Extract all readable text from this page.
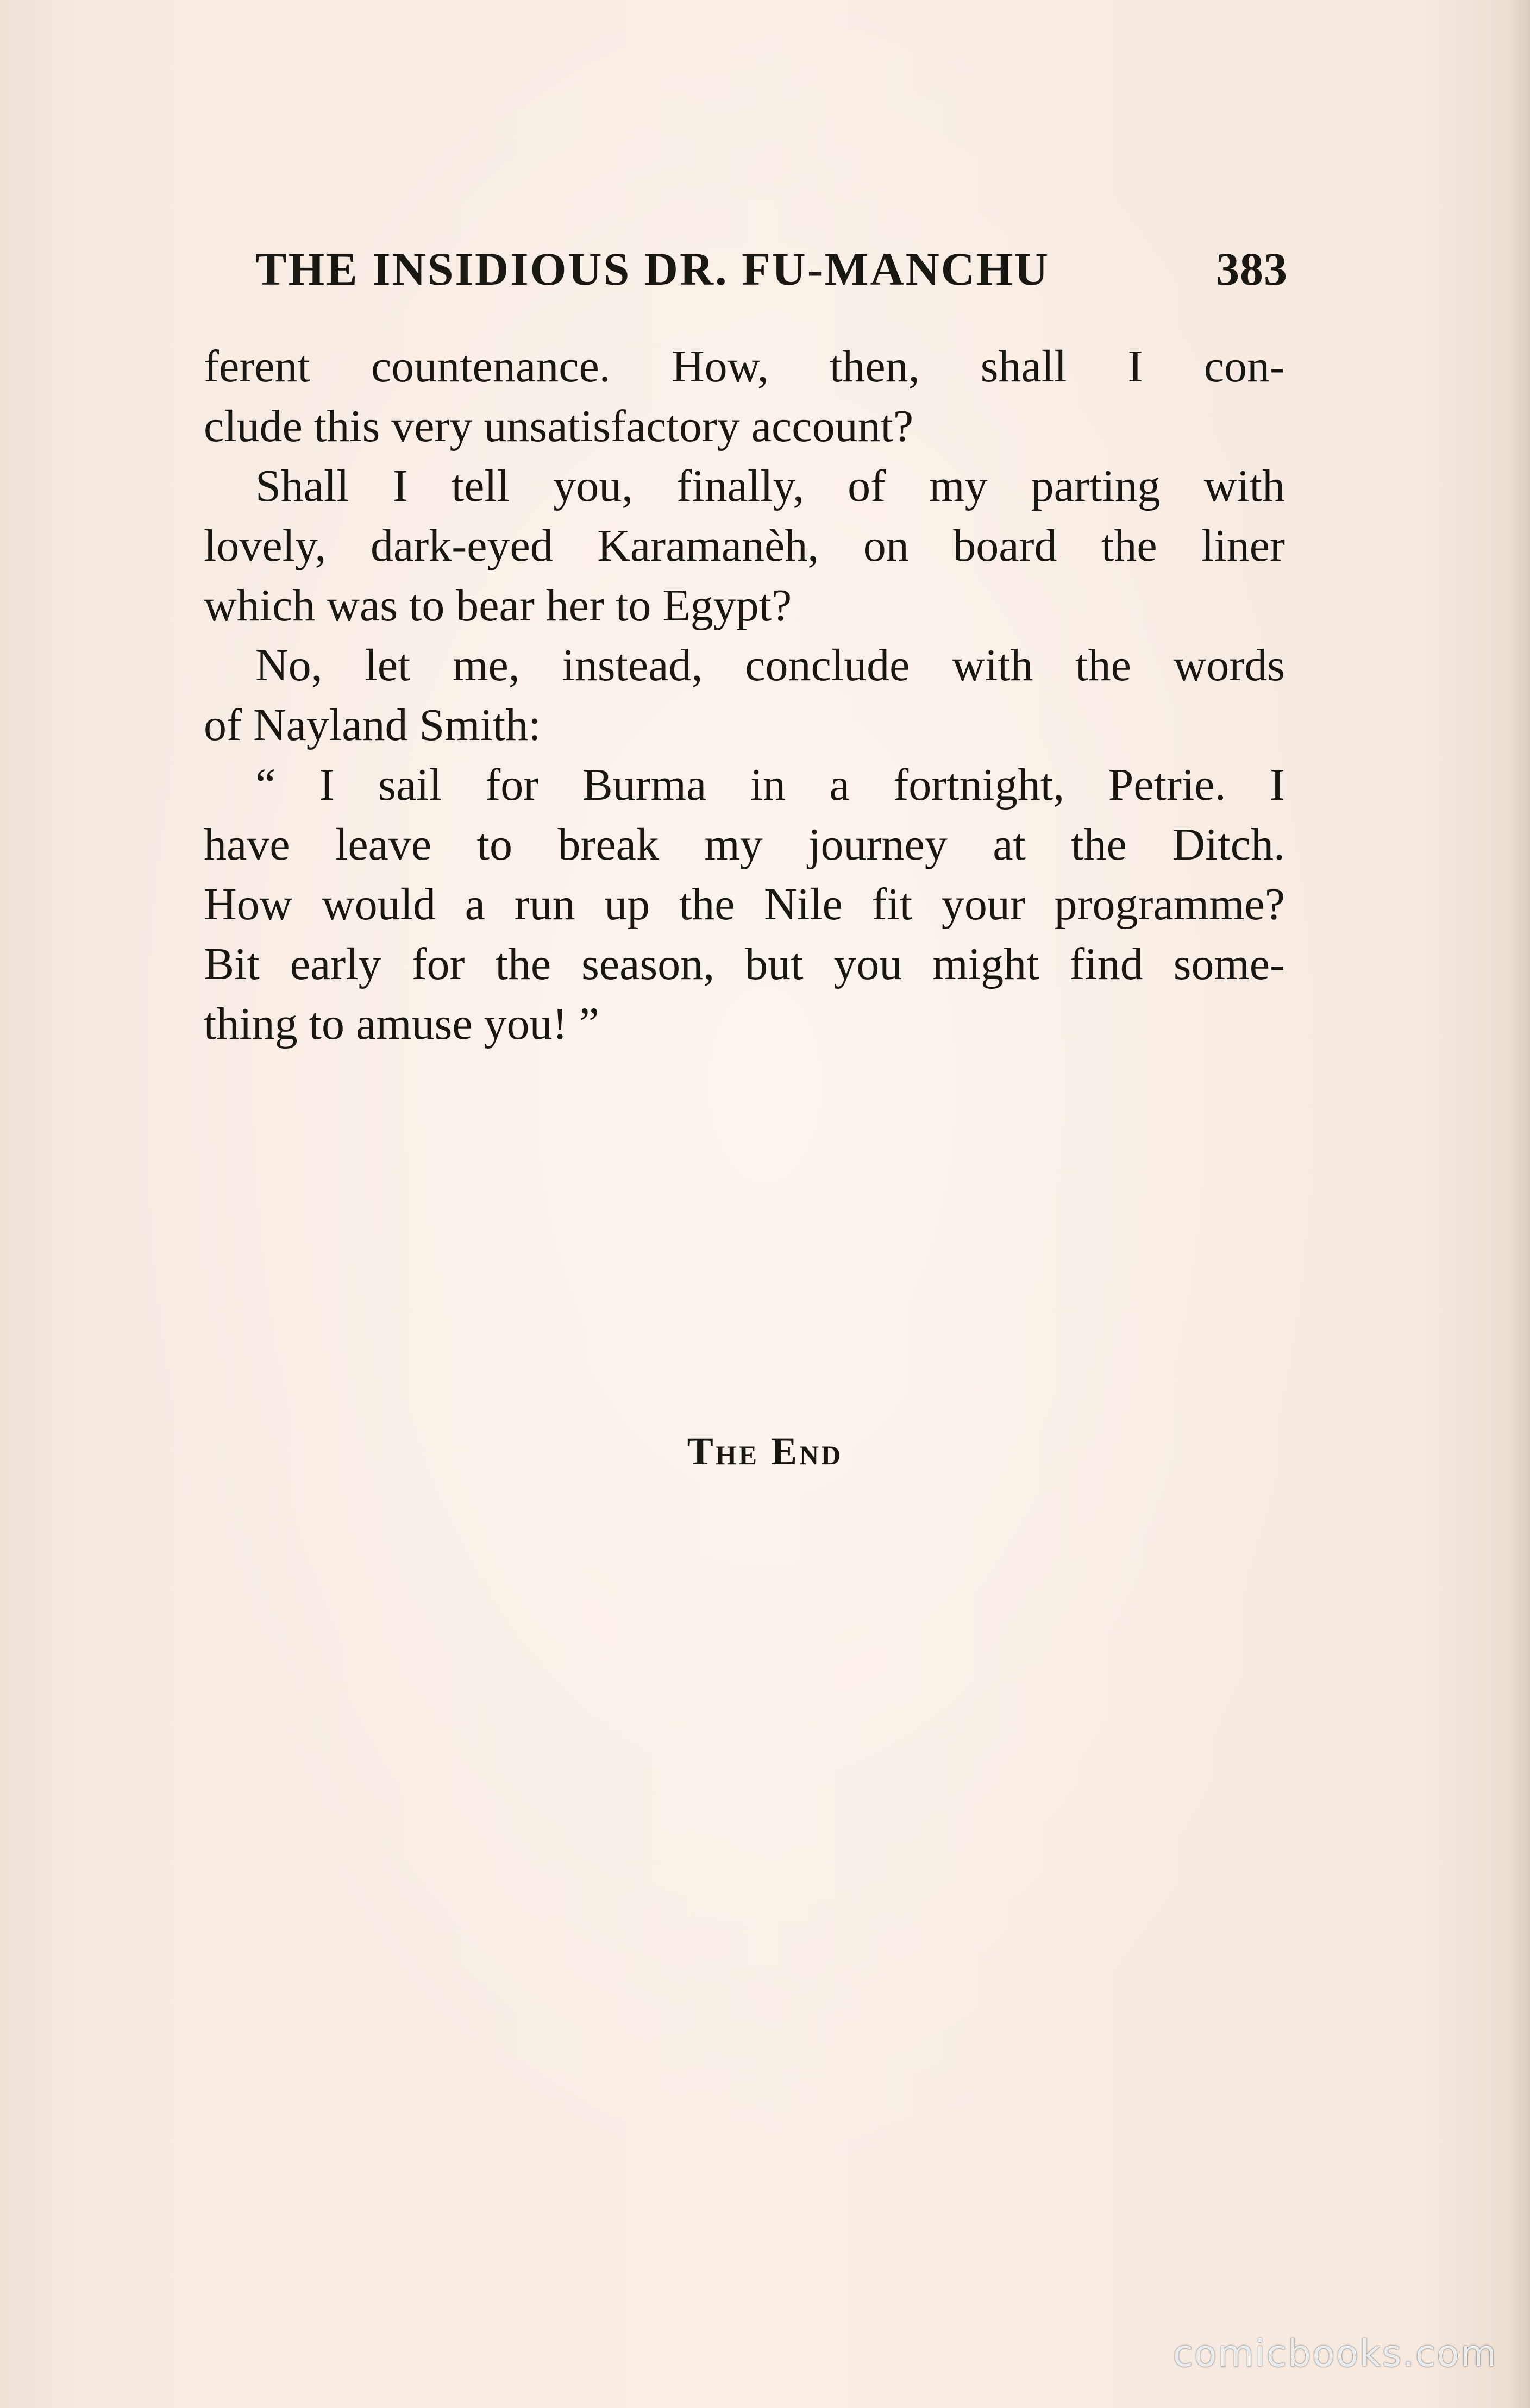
THE INSIDIOUS DR. FU-MANCHU	383
ferent countenance. How, then, shall I con-
clude this very unsatisfactory account?
Shall I tell you, finally, of my parting with
lovely, dark-eyed Karamanèh, on board the liner
which was to bear her to Egypt?
No, let me, instead, conclude with the words
of Nayland Smith:
“ I sail for Burma in a fortnight, Petrie. I
have leave to break my journey at the Ditch.
How would a run up the Nile fit your programme?
Bit early for the season, but you might find some-
thing to amuse you! ”
The End
comicbooks.com
